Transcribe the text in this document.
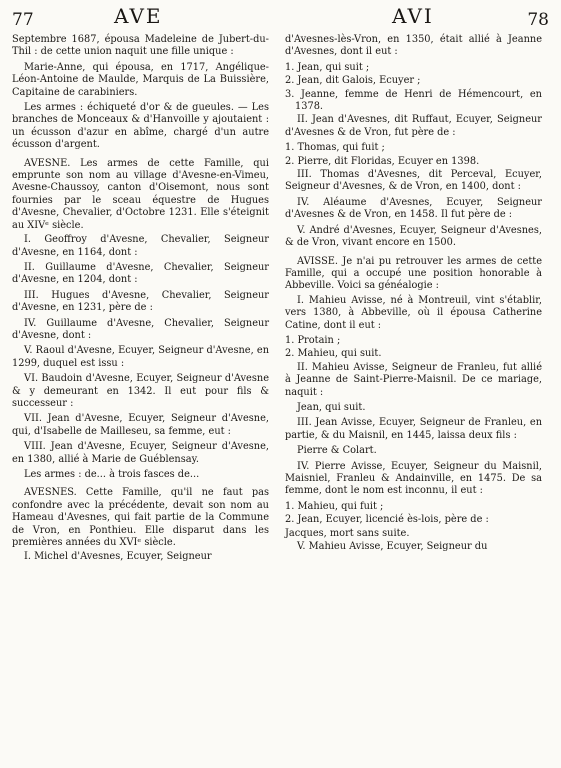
77	AVE	AVI	78

Septembre 1687, épousa Madeleine de Jubert-du-Thil : de cette union naquit une fille unique :

Marie-Anne, qui épousa, en 1717, Angélique-Léon-Antoine de Maulde, Marquis de La Buissière, Capitaine de carabiniers.

Les armes : échiqueté d'or & de gueules. — Les branches de Monceaux & d'Hanvoille y ajoutaient : un écusson d'azur en abîme, chargé d'un autre écusson d'argent.

AVESNE. Les armes de cette Famille, qui emprunte son nom au village d'Avesne-en-Vimeu, Avesne-Chaussoy, canton d'Oisemont, nous sont fournies par le sceau équestre de Hugues d'Avesne, Chevalier, d'Octobre 1231. Elle s'éteignit au XIVᵉ siècle.

I. Geoffroy d'Avesne, Chevalier, Seigneur d'Avesne, en 1164, dont :

II. Guillaume d'Avesne, Chevalier, Seigneur d'Avesne, en 1204, dont :

III. Hugues d'Avesne, Chevalier, Seigneur d'Avesne, en 1231, père de :

IV. Guillaume d'Avesne, Chevalier, Seigneur d'Avesne, dont :

V. Raoul d'Avesne, Ecuyer, Seigneur d'Avesne, en 1299, duquel est issu :

VI. Baudoin d'Avesne, Ecuyer, Seigneur d'Avesne & y demeurant en 1342. Il eut pour fils & successeur :

VII. Jean d'Avesne, Ecuyer, Seigneur d'Avesne, qui, d'Isabelle de Mailleseu, sa femme, eut :

VIII. Jean d'Avesne, Ecuyer, Seigneur d'Avesne, en 1380, allié à Marie de Guéblensay.

Les armes : de... à trois fasces de...

AVESNES. Cette Famille, qu'il ne faut pas confondre avec la précédente, devait son nom au Hameau d'Avesnes, qui fait partie de la Commune de Vron, en Ponthieu. Elle disparut dans les premières années du XVIᵉ siècle.

I. Michel d'Avesnes, Ecuyer, Seigneur

d'Avesnes-lès-Vron, en 1350, était allié à Jeanne d'Avesnes, dont il eut :

1. Jean, qui suit ;

2. Jean, dit Galois, Ecuyer ;

3. Jeanne, femme de Henri de Hémencourt, en 1378.

II. Jean d'Avesnes, dit Ruffaut, Ecuyer, Seigneur d'Avesnes & de Vron, fut père de :

1. Thomas, qui fuit ;

2. Pierre, dit Floridas, Ecuyer en 1398.

III. Thomas d'Avesnes, dit Perceval, Ecuyer, Seigneur d'Avesnes, & de Vron, en 1400, dont :

IV. Aléaume d'Avesnes, Ecuyer, Seigneur d'Avesnes & de Vron, en 1458. Il fut père de :

V. André d'Avesnes, Ecuyer, Seigneur d'Avesnes, & de Vron, vivant encore en 1500.

AVISSE. Je n'ai pu retrouver les armes de cette Famille, qui a occupé une position honorable à Abbeville. Voici sa généalogie :

I. Mahieu Avisse, né à Montreuil, vint s'établir, vers 1380, à Abbeville, où il épousa Catherine Catine, dont il eut :

1. Protain ;

2. Mahieu, qui suit.

II. Mahieu Avisse, Seigneur de Franleu, fut allié à Jeanne de Saint-Pierre-Maisnil. De ce mariage, naquit :

Jean, qui suit.

III. Jean Avisse, Ecuyer, Seigneur de Franleu, en partie, & du Maisnil, en 1445, laissa deux fils :

Pierre & Colart.

IV. Pierre Avisse, Ecuyer, Seigneur du Maisnil, Maisniel, Franleu & Andainville, en 1475. De sa femme, dont le nom est inconnu, il eut :

1. Mahieu, qui fuit ;

2. Jean, Ecuyer, licencié ès-lois, père de :

Jacques, mort sans suite.

V. Mahieu Avisse, Ecuyer, Seigneur du
